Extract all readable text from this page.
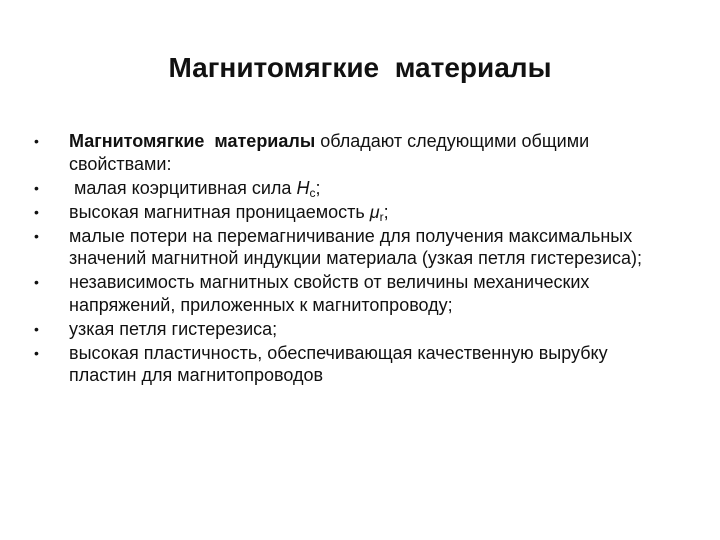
Магнитомягкие  материалы
• Магнитомягкие  материалы обладают следующими общими свойствами:
• малая коэрцитивная сила $H_c$;
• высокая магнитная проницаемость $\mu_r$;
• малые потери на перемагничивание для получения максимальных значений магнитной индукции материала (узкая петля гистерезиса);
• независимость магнитных свойств от величины механических напряжений, приложенных к магнитопроводу;
• узкая петля гистерезиса;
• высокая пластичность, обеспечивающая качественную вырубку пластин для магнитопроводов
